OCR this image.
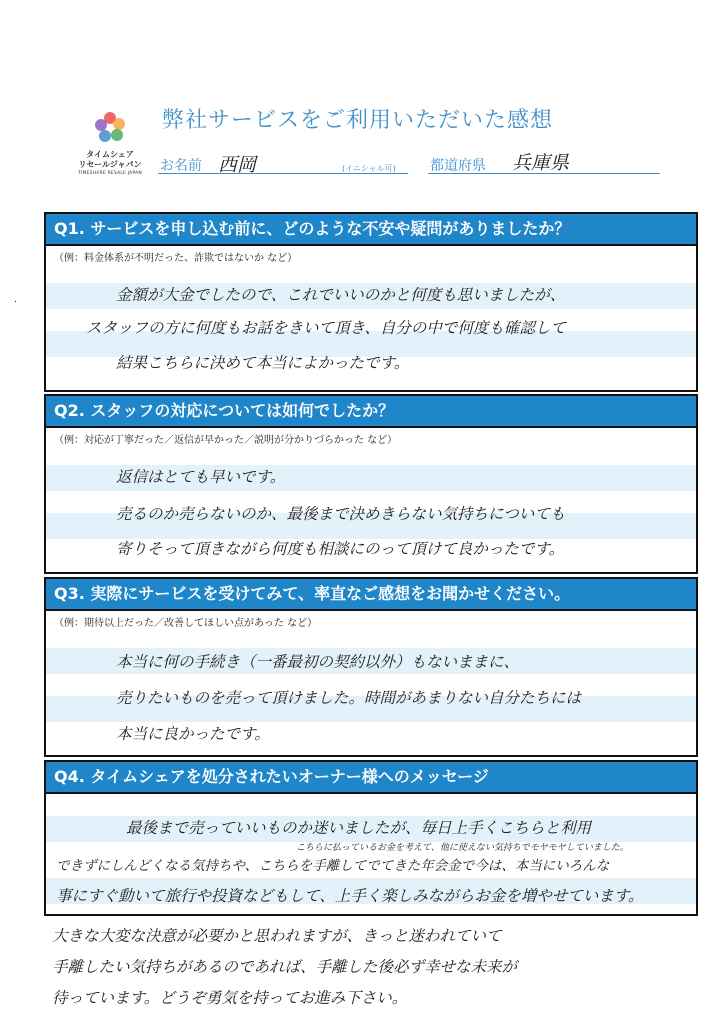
タイムシェア
リセールジャパン
TIMESHARE RESALE JAPAN
弊社サービスをご利用いただいた感想
お名前 西岡	(イニシャル可) 都道府県 兵庫県
·
Q1. サービスを申し込む前に、どのような不安や疑問がありましたか？
（例：料金体系が不明だった、詐欺ではないか など）
金額が大金でしたので、これでいいのかと何度も思いましたが、
スタッフの方に何度もお話をきいて頂き、自分の中で何度も確認して
結果こちらに決めて本当によかったです。
Q2. スタッフの対応については如何でしたか？
（例：対応が丁寧だった／返信が早かった／説明が分かりづらかった など）
返信はとても早いです。
売るのか売らないのか、最後まで決めきらない気持ちについても
寄りそって頂きながら何度も相談にのって頂けて良かったです。
Q3. 実際にサービスを受けてみて、率直なご感想をお聞かせください。
（例：期待以上だった／改善してほしい点があった など）
本当に何の手続き（一番最初の契約以外）もないままに、
売りたいものを売って頂けました。時間があまりない自分たちには
本当に良かったです。
Q4. タイムシェアを処分されたいオーナー様へのメッセージ
最後まで売っていいものか迷いましたが、毎日上手くこちらと利用
こちらに払っているお金を考えて、他に使えない気持ちでモヤモヤしていました。
できずにしんどくなる気持ちや、こちらを手離してでてきた年会金で今は、本当にいろんな
事にすぐ動いて旅行や投資などもして、上手く楽しみながらお金を増やせています。
大きな大変な決意が必要かと思われますが、きっと迷われていて
手離したい気持ちがあるのであれば、手離した後必ず幸せな未来が
待っています。どうぞ勇気を持ってお進み下さい。
